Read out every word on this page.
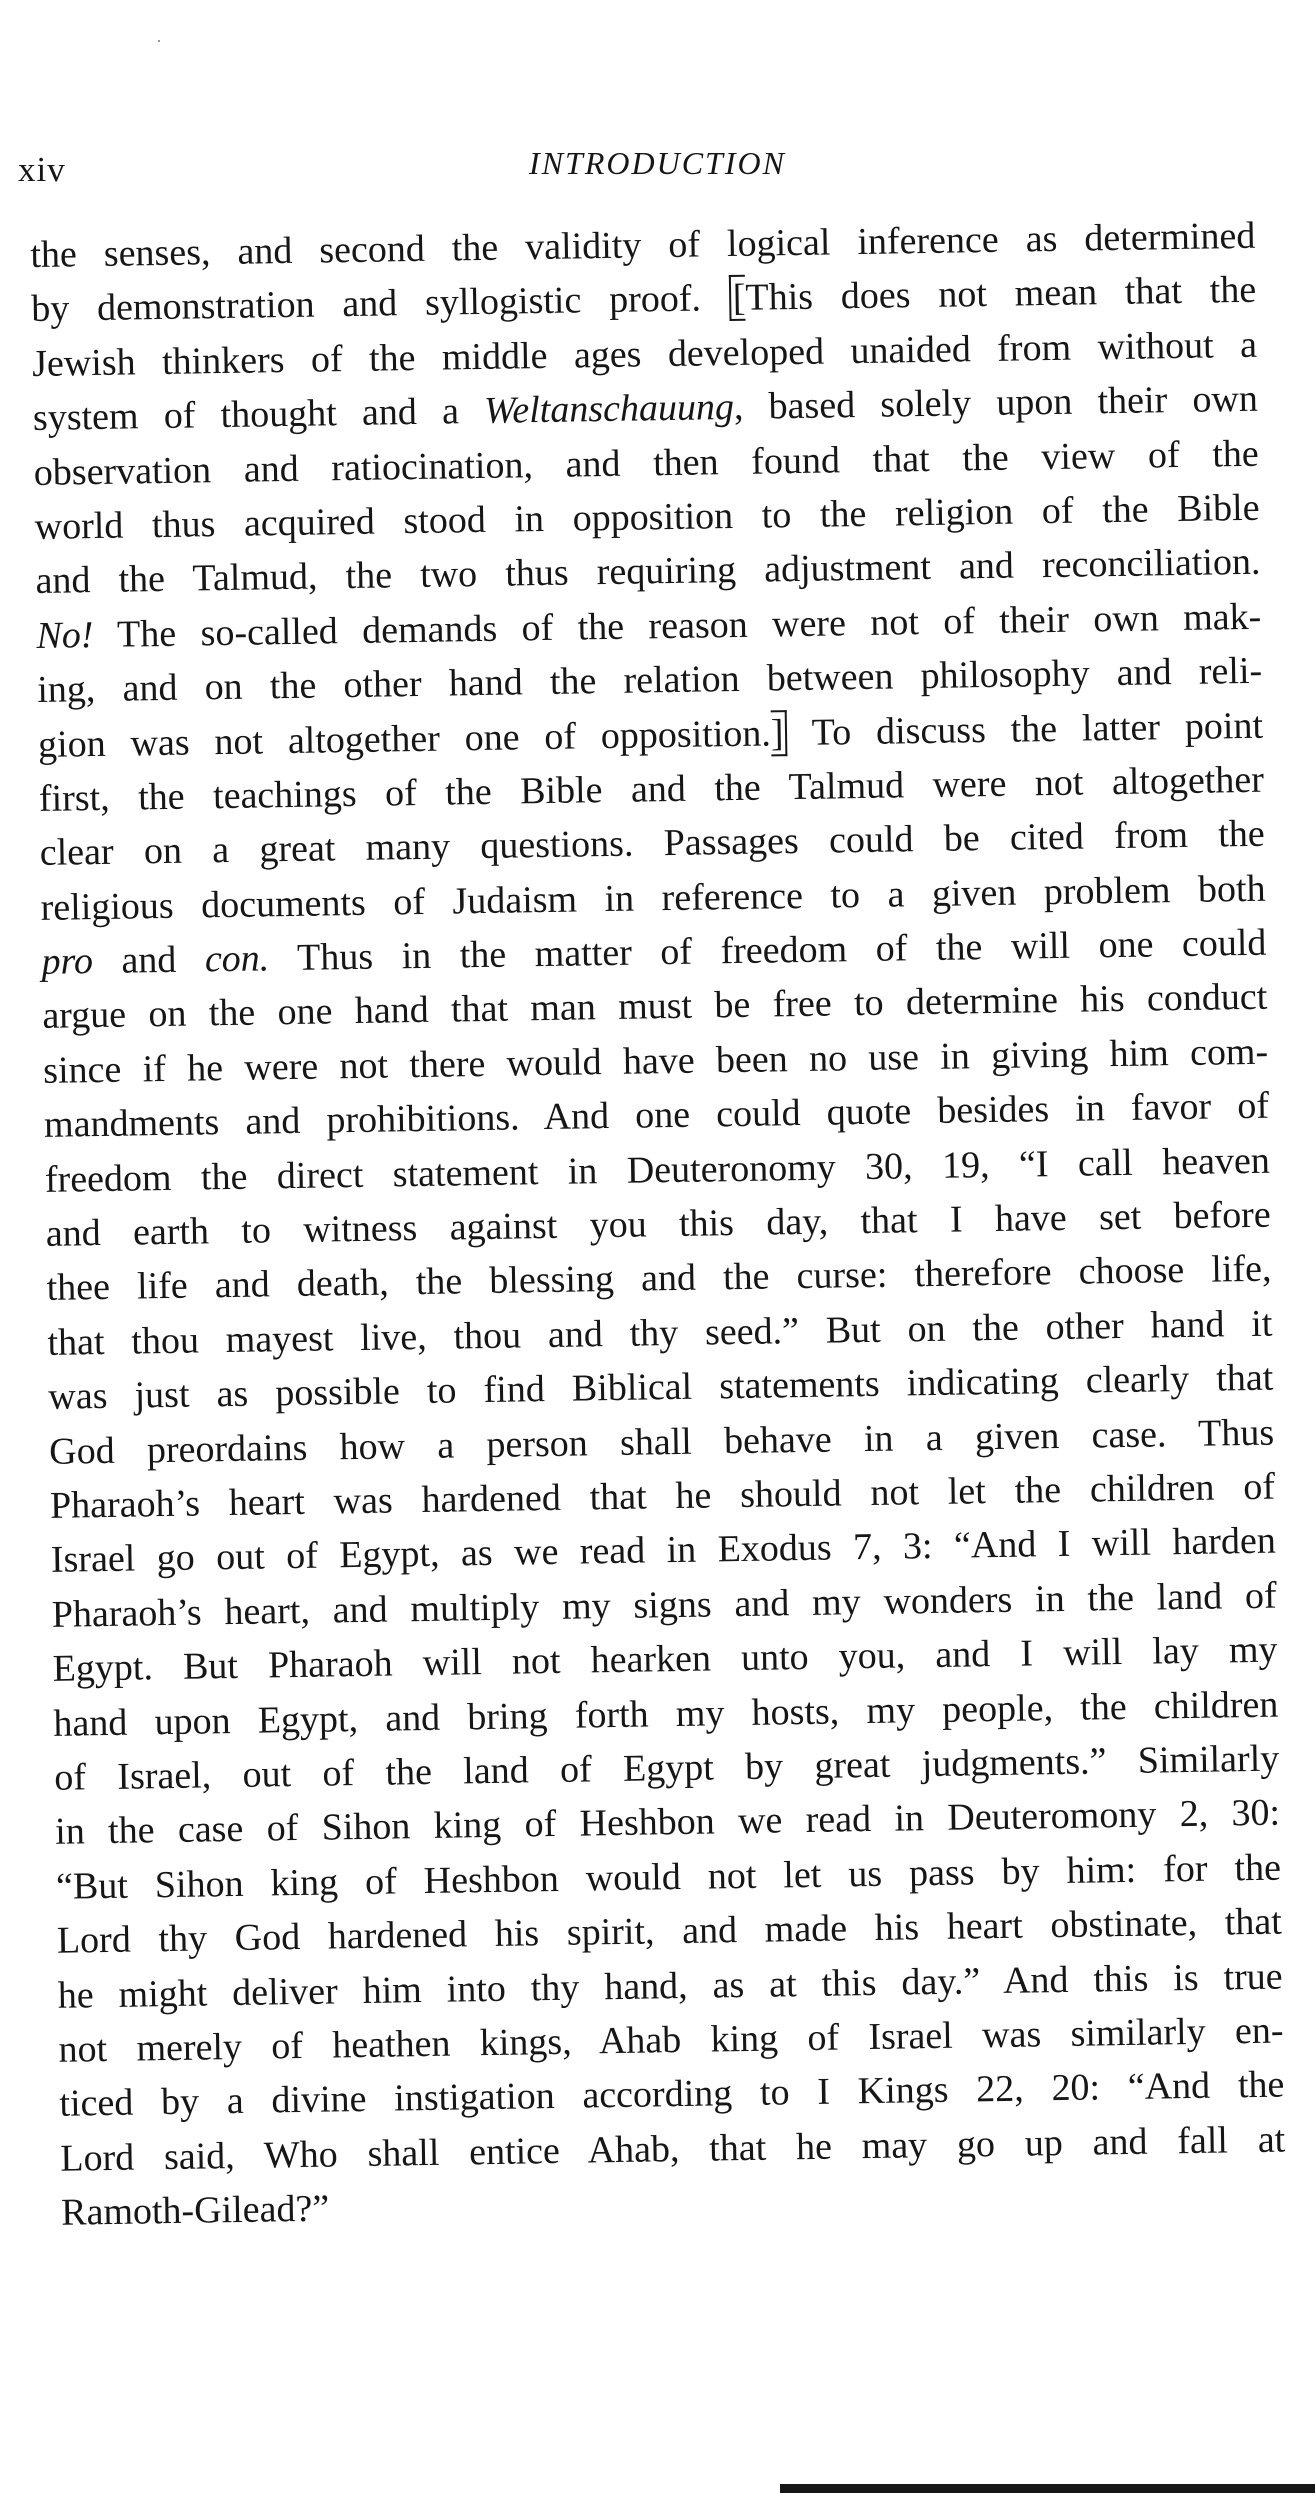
xiv	INTRODUCTION
the senses, and second the validity of logical inference as determined
by demonstration and syllogistic proof. [This does not mean that the
Jewish thinkers of the middle ages developed unaided from without a
system of thought and a Weltanschauung, based solely upon their own
observation and ratiocination, and then found that the view of the
world thus acquired stood in opposition to the religion of the Bible
and the Talmud, the two thus requiring adjustment and reconciliation.
No! The so-called demands of the reason were not of their own mak-
ing, and on the other hand the relation between philosophy and reli-
gion was not altogether one of opposition.] To discuss the latter point
first, the teachings of the Bible and the Talmud were not altogether
clear on a great many questions. Passages could be cited from the
religious documents of Judaism in reference to a given problem both
pro and con. Thus in the matter of freedom of the will one could
argue on the one hand that man must be free to determine his conduct
since if he were not there would have been no use in giving him com-
mandments and prohibitions. And one could quote besides in favor of
freedom the direct statement in Deuteronomy 30, 19, “I call heaven
and earth to witness against you this day, that I have set before
thee life and death, the blessing and the curse: therefore choose life,
that thou mayest live, thou and thy seed.” But on the other hand it
was just as possible to find Biblical statements indicating clearly that
God preordains how a person shall behave in a given case. Thus
Pharaoh’s heart was hardened that he should not let the children of
Israel go out of Egypt, as we read in Exodus 7, 3: “And I will harden
Pharaoh’s heart, and multiply my signs and my wonders in the land of
Egypt. But Pharaoh will not hearken unto you, and I will lay my
hand upon Egypt, and bring forth my hosts, my people, the children
of Israel, out of the land of Egypt by great judgments.” Similarly
in the case of Sihon king of Heshbon we read in Deuteromony 2, 30:
“But Sihon king of Heshbon would not let us pass by him: for the
Lord thy God hardened his spirit, and made his heart obstinate, that
he might deliver him into thy hand, as at this day.” And this is true
not merely of heathen kings, Ahab king of Israel was similarly en-
ticed by a divine instigation according to I Kings 22, 20: “And the
Lord said, Who shall entice Ahab, that he may go up and fall at
Ramoth-Gilead?”
